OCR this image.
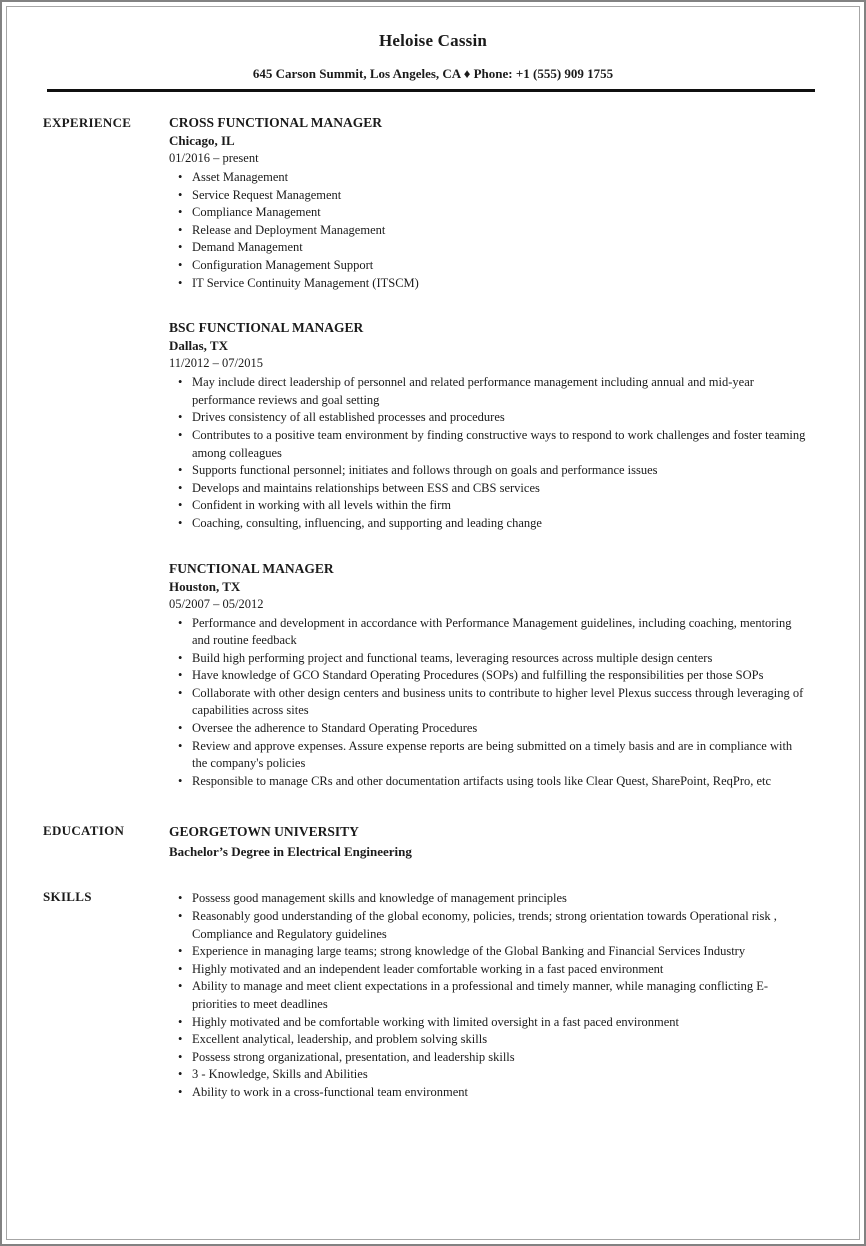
Heloise Cassin
645 Carson Summit, Los Angeles, CA ♦ Phone: +1 (555) 909 1755
EXPERIENCE	CROSS FUNCTIONAL MANAGER
Chicago, IL
01/2016 – present
• Asset Management
• Service Request Management
• Compliance Management
• Release and Deployment Management
• Demand Management
• Configuration Management Support
• IT Service Continuity Management (ITSCM)
BSC FUNCTIONAL MANAGER
Dallas, TX
11/2012 – 07/2015
• May include direct leadership of personnel and related performance management including annual and mid-year performance reviews and goal setting
• Drives consistency of all established processes and procedures
• Contributes to a positive team environment by finding constructive ways to respond to work challenges and foster teaming among colleagues
• Supports functional personnel; initiates and follows through on goals and performance issues
• Develops and maintains relationships between ESS and CBS services
• Confident in working with all levels within the firm
• Coaching, consulting, influencing, and supporting and leading change
FUNCTIONAL MANAGER
Houston, TX
05/2007 – 05/2012
• Performance and development in accordance with Performance Management guidelines, including coaching, mentoring and routine feedback
• Build high performing project and functional teams, leveraging resources across multiple design centers
• Have knowledge of GCO Standard Operating Procedures (SOPs) and fulfilling the responsibilities per those SOPs
• Collaborate with other design centers and business units to contribute to higher level Plexus success through leveraging of capabilities across sites
• Oversee the adherence to Standard Operating Procedures
• Review and approve expenses. Assure expense reports are being submitted on a timely basis and are in compliance with the company's policies
• Responsible to manage CRs and other documentation artifacts using tools like Clear Quest, SharePoint, ReqPro, etc
EDUCATION	GEORGETOWN UNIVERSITY
Bachelor’s Degree in Electrical Engineering
SKILLS	• Possess good management skills and knowledge of management principles
• Reasonably good understanding of the global economy, policies, trends; strong orientation towards Operational risk , Compliance and Regulatory guidelines
• Experience in managing large teams; strong knowledge of the Global Banking and Financial Services Industry
• Highly motivated and an independent leader comfortable working in a fast paced environment
• Ability to manage and meet client expectations in a professional and timely manner, while managing conflicting E- priorities to meet deadlines
• Highly motivated and be comfortable working with limited oversight in a fast paced environment
• Excellent analytical, leadership, and problem solving skills
• Possess strong organizational, presentation, and leadership skills
• 3 - Knowledge, Skills and Abilities
• Ability to work in a cross-functional team environment
